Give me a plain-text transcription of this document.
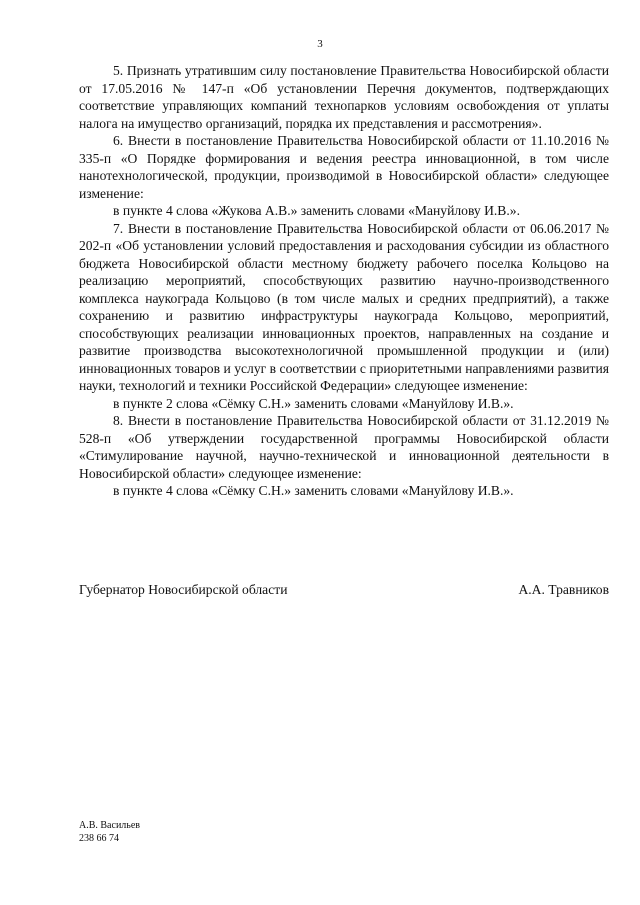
3

5. Признать утратившим силу постановление Правительства Новосибирской области от 17.05.2016 № 147-п «Об установлении Перечня документов, подтверждающих соответствие управляющих компаний технопарков условиям освобождения от уплаты налога на имущество организаций, порядка их представления и рассмотрения».

6. Внести в постановление Правительства Новосибирской области от 11.10.2016 № 335-п «О Порядке формирования и ведения реестра инновационной, в том числе нанотехнологической, продукции, производимой в Новосибирской области» следующее изменение:

в пункте 4 слова «Жукова А.В.» заменить словами «Мануйлову И.В.».

7. Внести в постановление Правительства Новосибирской области от 06.06.2017 № 202-п «Об установлении условий предоставления и расходования субсидии из областного бюджета Новосибирской области местному бюджету рабочего поселка Кольцово на реализацию мероприятий, способствующих развитию научно-производственного комплекса наукограда Кольцово (в том числе малых и средних предприятий), а также сохранению и развитию инфраструктуры наукограда Кольцово, мероприятий, способствующих реализации инновационных проектов, направленных на создание и развитие производства высокотехнологичной промышленной продукции и (или) инновационных товаров и услуг в соответствии с приоритетными направлениями развития науки, технологий и техники Российской Федерации» следующее изменение:

в пункте 2 слова «Сёмку С.Н.» заменить словами «Мануйлову И.В.».

8. Внести в постановление Правительства Новосибирской области от 31.12.2019 № 528-п «Об утверждении государственной программы Новосибирской области «Стимулирование научной, научно-технической и инновационной деятельности в Новосибирской области» следующее изменение:

в пункте 4 слова «Сёмку С.Н.» заменить словами «Мануйлову И.В.».

Губернатор Новосибирской области	А.А. Травников
А.В. Васильев
238 66 74
